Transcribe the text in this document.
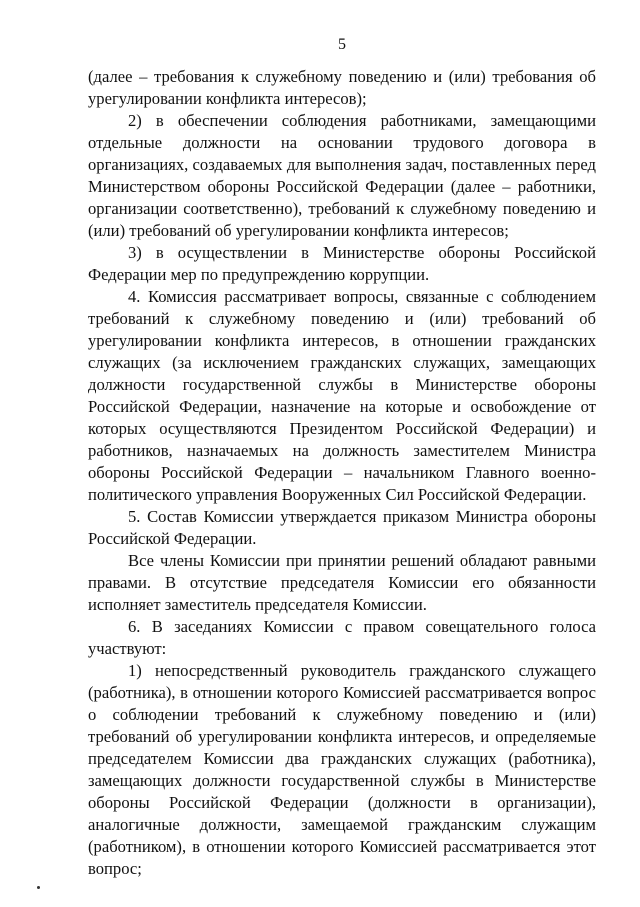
5

(далее – требования к служебному поведению и (или) требования об урегулировании конфликта интересов);

2) в обеспечении соблюдения работниками, замещающими отдельные должности на основании трудового договора в организациях, создаваемых для выполнения задач, поставленных перед Министерством обороны Российской Федерации (далее – работники, организации соответственно), требований к служебному поведению и (или) требований об урегулировании конфликта интересов;

3) в осуществлении в Министерстве обороны Российской Федерации мер по предупреждению коррупции.

4. Комиссия рассматривает вопросы, связанные с соблюдением требований к служебному поведению и (или) требований об урегулировании конфликта интересов, в отношении гражданских служащих (за исключением гражданских служащих, замещающих должности государственной службы в Министерстве обороны Российской Федерации, назначение на которые и освобождение от которых осуществляются Президентом Российской Федерации) и работников, назначаемых на должность заместителем Министра обороны Российской Федерации – начальником Главного военно-политического управления Вооруженных Сил Российской Федерации.

5. Состав Комиссии утверждается приказом Министра обороны Российской Федерации.

Все члены Комиссии при принятии решений обладают равными правами. В отсутствие председателя Комиссии его обязанности исполняет заместитель председателя Комиссии.

6. В заседаниях Комиссии с правом совещательного голоса участвуют:

1) непосредственный руководитель гражданского служащего (работника), в отношении которого Комиссией рассматривается вопрос о соблюдении требований к служебному поведению и (или) требований об урегулировании конфликта интересов, и определяемые председателем Комиссии два гражданских служащих (работника), замещающих должности государственной службы в Министерстве обороны Российской Федерации (должности в организации), аналогичные должности, замещаемой гражданским служащим (работником), в отношении которого Комиссией рассматривается этот вопрос;
